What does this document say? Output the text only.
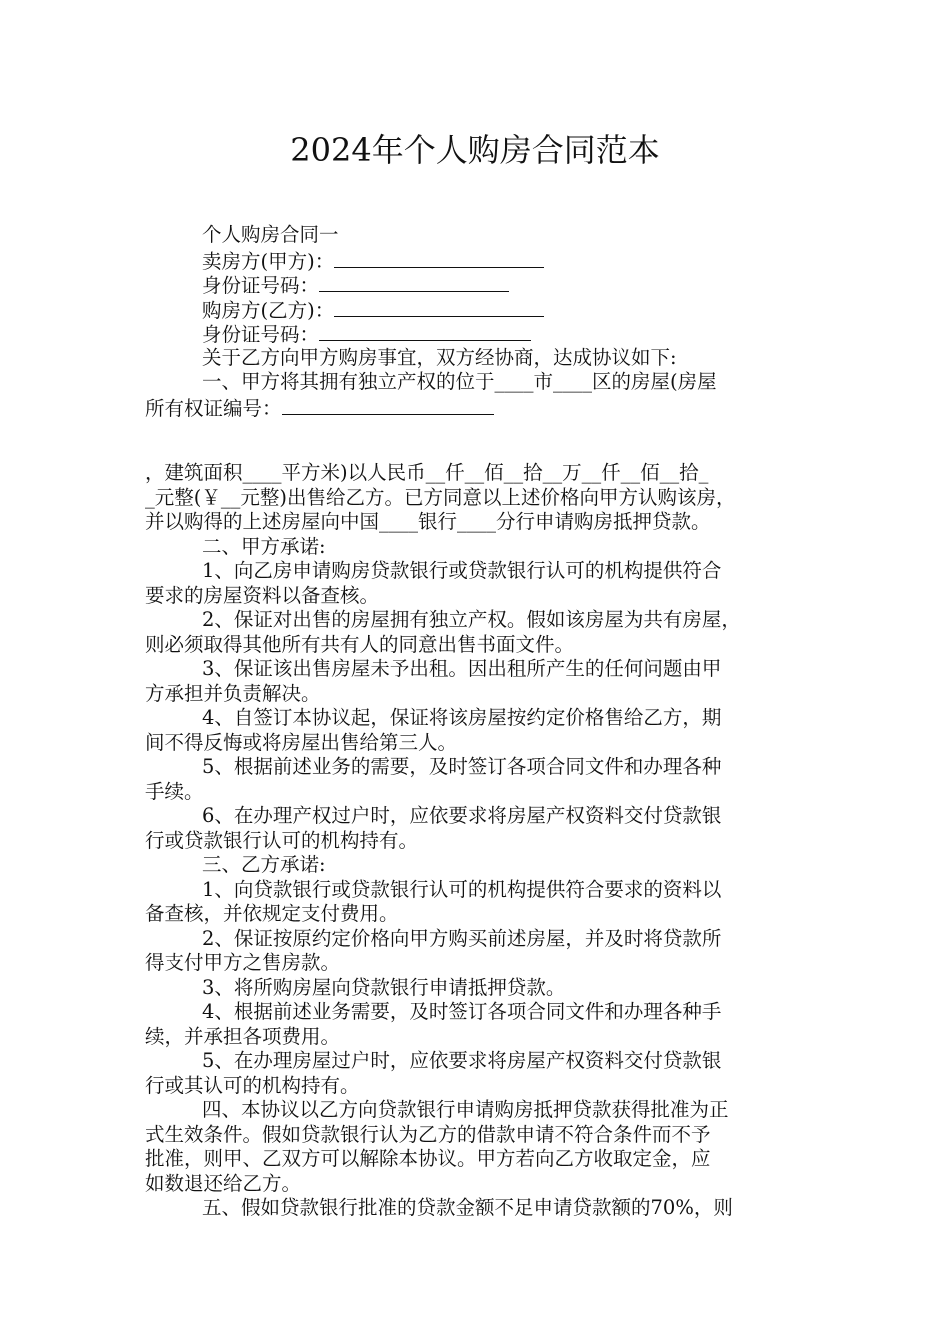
2024年个人购房合同范本
个人购房合同一
卖房方(甲方)：
身份证号码：
购房方(乙方)：
身份证号码：
关于乙方向甲方购房事宜，双方经协商，达成协议如下:
一、甲方将其拥有独立产权的位于____市____区的房屋(房屋
所有权证编号：
，建筑面积____平方米)以人民币__仟__佰__拾__万__仟__佰__拾_
_元整(￥__元整)出售给乙方。已方同意以上述价格向甲方认购该房，
并以购得的上述房屋向中国____银行____分行申请购房抵押贷款。
二、甲方承诺:
1、向乙房申请购房贷款银行或贷款银行认可的机构提供符合
要求的房屋资料以备查核。
2、保证对出售的房屋拥有独立产权。假如该房屋为共有房屋，
则必须取得其他所有共有人的同意出售书面文件。
3、保证该出售房屋未予出租。因出租所产生的任何问题由甲
方承担并负责解决。
4、自签订本协议起，保证将该房屋按约定价格售给乙方，期
间不得反悔或将房屋出售给第三人。
5、根据前述业务的需要，及时签订各项合同文件和办理各种
手续。
6、在办理产权过户时，应依要求将房屋产权资料交付贷款银
行或贷款银行认可的机构持有。
三、乙方承诺:
1、向贷款银行或贷款银行认可的机构提供符合要求的资料以
备查核，并依规定支付费用。
2、保证按原约定价格向甲方购买前述房屋，并及时将贷款所
得支付甲方之售房款。
3、将所购房屋向贷款银行申请抵押贷款。
4、根据前述业务需要，及时签订各项合同文件和办理各种手
续，并承担各项费用。
5、在办理房屋过户时，应依要求将房屋产权资料交付贷款银
行或其认可的机构持有。
四、本协议以乙方向贷款银行申请购房抵押贷款获得批准为正
式生效条件。假如贷款银行认为乙方的借款申请不符合条件而不予
批准，则甲、乙双方可以解除本协议。甲方若向乙方收取定金，应
如数退还给乙方。
五、假如贷款银行批准的贷款金额不足申请贷款额的70%，则
